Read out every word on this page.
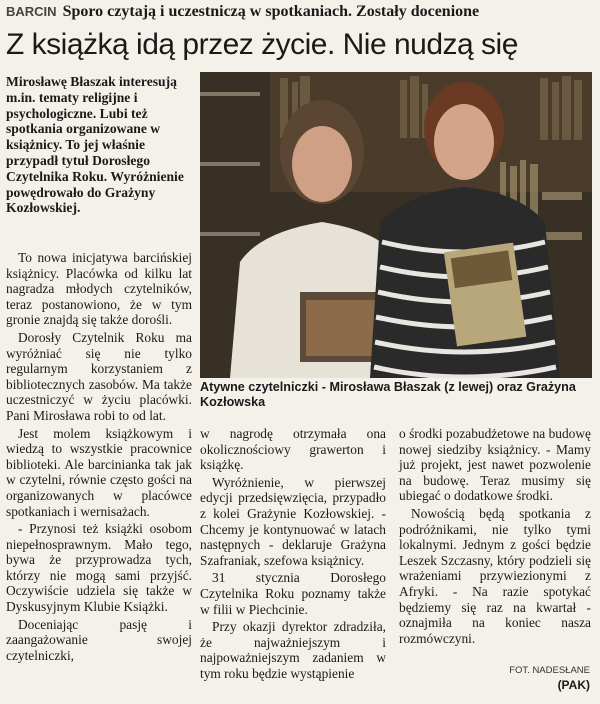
BARCIN Sporo czytają i uczestniczą w spotkaniach. Zostały docenione
Z książką idą przez życie. Nie nudzą się
Mirosławę Błaszak interesują m.in. tematy religijne i psychologiczne. Lubi też spotkania organizowane w książnicy. To jej właśnie przypadł tytuł Dorosłego Czytelnika Roku. Wyróżnienie powędrowało do Grażyny Kozłowskiej.
Atywne czytelniczki - Mirosława Błaszak (z lewej) oraz Grażyna Kozłowska

To nowa inicjatywa barcińskiej książnicy. Placówka od kilku lat nagradza młodych czytelników, teraz postanowiono, że w tym gronie znajdą się także dorośli.

Dorosły Czytelnik Roku ma wyróżniać się nie tylko regularnym korzystaniem z bibliotecznych zasobów. Ma także uczestniczyć w życiu placówki. Pani Mirosława robi to od lat.

Jest molem książkowym i wiedzą to wszystkie pracownice biblioteki. Ale barcinianka tak jak w czytelni, równie często gości na organizowanych w placówce spotkaniach i wernisażach.

- Przynosi też książki osobom niepełnosprawnym. Mało tego, bywa że przyprowadza tych, którzy nie mogą sami przyjść. Oczywiście udziela się także w Dyskusyjnym Klubie Książki.

Doceniając pasję i zaangażowanie swojej czytelniczki,

w nagrodę otrzymała ona okolicznościowy grawerton i książkę.

Wyróżnienie, w pierwszej edycji przedsięwzięcia, przypadło z kolei Grażynie Kozłowskiej. - Chcemy je kontynuować w latach następnych - deklaruje Grażyna Szafraniak, szefowa książnicy.

31 stycznia Dorosłego Czytelnika Roku poznamy także w filii w Piechcinie.

Przy okazji dyrektor zdradziła, że najważniejszym i najpoważniejszym zadaniem w tym roku będzie wystąpienie

o środki pozabudżetowe na budowę nowej siedziby książnicy. - Mamy już projekt, jest nawet pozwolenie na budowę. Teraz musimy się ubiegać o dodatkowe środki.

Nowością będą spotkania z podróżnikami, nie tylko tymi lokalnymi. Jednym z gości będzie Leszek Szczasny, który podzieli się wrażeniami przywiezionymi z Afryki. - Na razie spotykać będziemy się raz na kwartał - oznajmiła na koniec nasza rozmówczyni.

FOT. NADESŁANE
(PAK)
